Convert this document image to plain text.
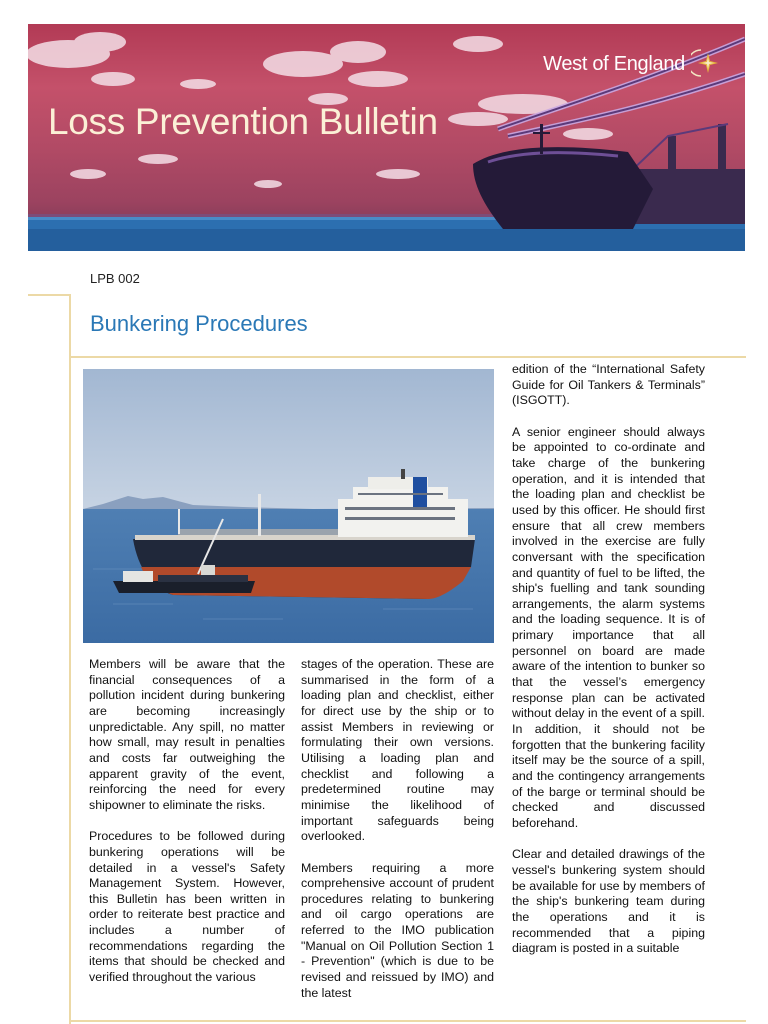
Loss Prevention Bulletin
West of England
LPB 002
Bunkering Procedures

Members will be aware that the financial consequences of a pollution incident during bunkering are becoming increasingly unpredictable. Any spill, no matter how small, may result in penalties and costs far outweighing the apparent gravity of the event, reinforcing the need for every shipowner to eliminate the risks.

Procedures to be followed during bunkering operations will be detailed in a vessel's Safety Management System. However, this Bulletin has been written in order to reiterate best practice and includes a number of recommendations regarding the items that should be checked and verified throughout the various

stages of the operation. These are summarised in the form of a loading plan and checklist, either for direct use by the ship or to assist Members in reviewing or formulating their own versions. Utilising a loading plan and checklist and following a predetermined routine may minimise the likelihood of important safeguards being overlooked.

Members requiring a more comprehensive account of prudent procedures relating to bunkering and oil cargo operations are referred to the IMO publication "Manual on Oil Pollution Section 1 - Prevention" (which is due to be revised and reissued by IMO) and the latest

edition of the “International Safety Guide for Oil Tankers & Terminals” (ISGOTT).

A senior engineer should always be appointed to co-ordinate and take charge of the bunkering operation, and it is intended that the loading plan and checklist be used by this officer. He should first ensure that all crew members involved in the exercise are fully conversant with the specification and quantity of fuel to be lifted, the ship's fuelling and tank sounding arrangements, the alarm systems and the loading sequence. It is of primary importance that all personnel on board are made aware of the intention to bunker so that the vessel’s emergency response plan can be activated without delay in the event of a spill. In addition, it should not be forgotten that the bunkering facility itself may be the source of a spill, and the contingency arrangements of the barge or terminal should be checked and discussed beforehand.

Clear and detailed drawings of the vessel's bunkering system should be available for use by members of the ship's bunkering team during the operations and it is recommended that a piping diagram is posted in a suitable
